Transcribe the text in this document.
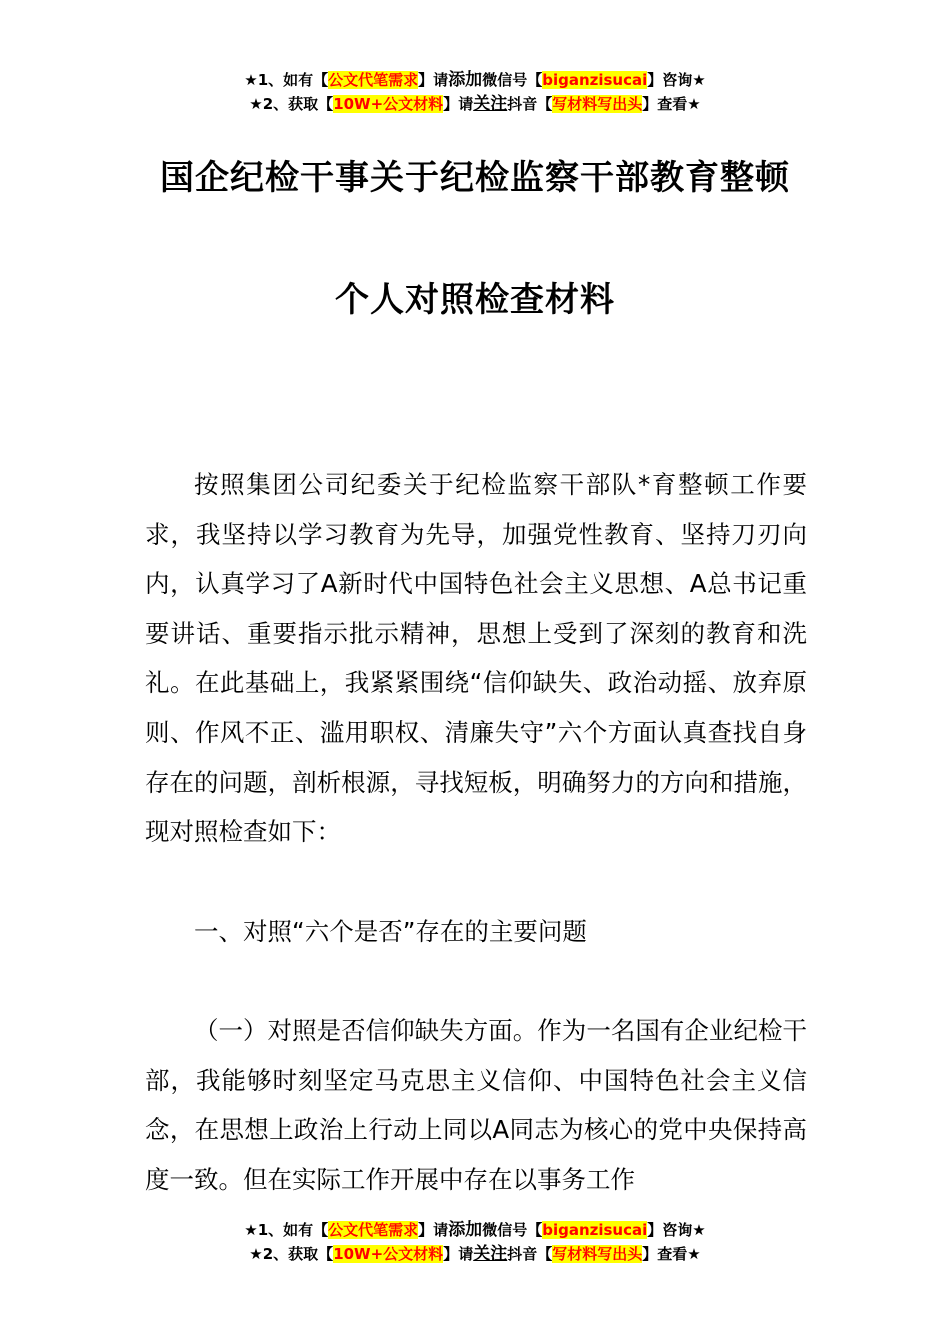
★1、如有【公文代笔需求】请添加微信号【biganzisucai】咨询★
★2、获取【10W+公文材料】请关注抖音【写材料写出头】查看★
国企纪检干事关于纪检监察干部教育整顿
个人对照检查材料

按照集团公司纪委关于纪检监察干部队*育整顿工作要求，我坚持以学习教育为先导，加强党性教育、坚持刀刃向内，认真学习了A新时代中国特色社会主义思想、A总书记重要讲话、重要指示批示精神，思想上受到了深刻的教育和洗礼。在此基础上，我紧紧围绕“信仰缺失、政治动摇、放弃原则、作风不正、滥用职权、清廉失守”六个方面认真查找自身存在的问题，剖析根源，寻找短板，明确努力的方向和措施，现对照检查如下：

一、对照“六个是否”存在的主要问题

（一）对照是否信仰缺失方面。作为一名国有企业纪检干部，我能够时刻坚定马克思主义信仰、中国特色社会主义信念，在思想上政治上行动上同以A同志为核心的党中央保持高度一致。但在实际工作开展中存在以事务工作

★1、如有【公文代笔需求】请添加微信号【biganzisucai】咨询★
★2、获取【10W+公文材料】请关注抖音【写材料写出头】查看★
